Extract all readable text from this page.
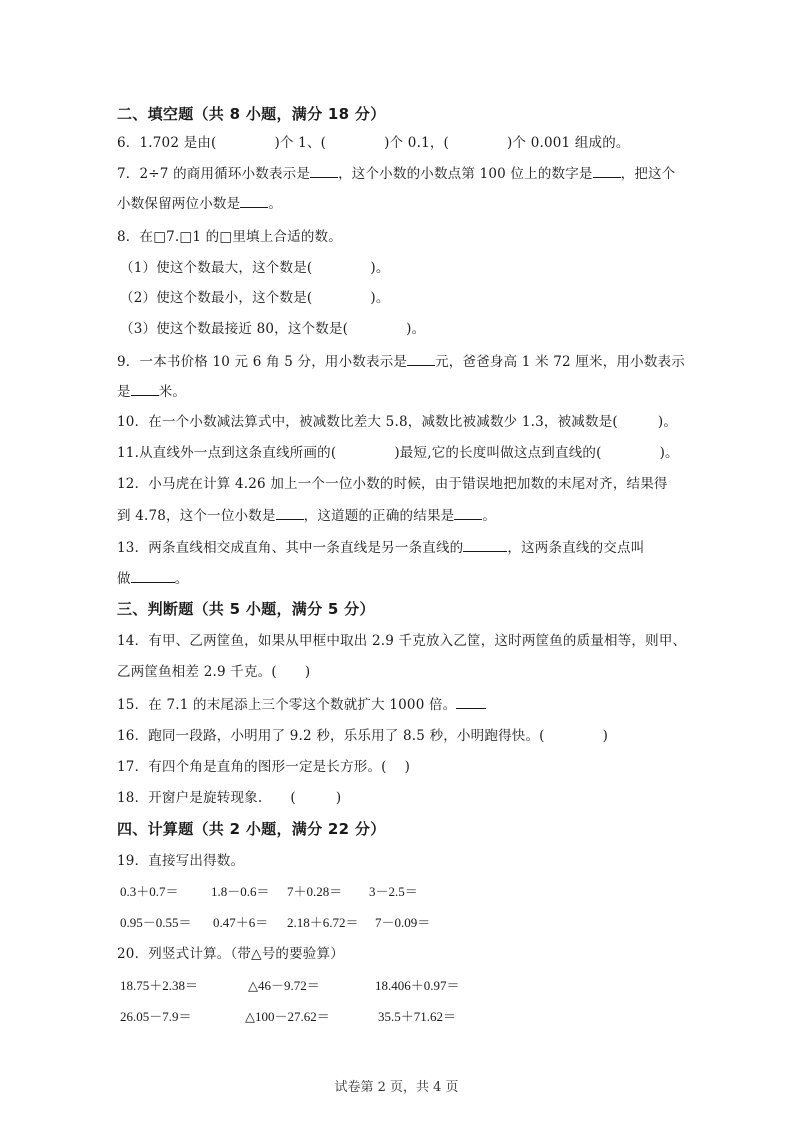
二、填空题（共 8 小题，满分 18 分）
6．1.702 是由(	)个 1、(	)个 0.1，(	)个 0.001 组成的。
7．2÷7 的商用循环小数表示是 ，这个小数的小数点第 100 位上的数字是 ，把这个
小数保留两位小数是 。
8．在□7.□1 的□里填上合适的数。
（1）使这个数最大，这个数是(	)。
（2）使这个数最小，这个数是(	)。
（3）使这个数最接近 80，这个数是(	)。
9．一本书价格 10 元 6 角 5 分，用小数表示是 元，爸爸身高 1 米 72 厘米，用小数表示
是 米。
10．在一个小数减法算式中，被减数比差大 5.8，减数比被减数少 1.3，被减数是(	)。
11.从直线外一点到这条直线所画的(	)最短,它的长度叫做这点到直线的(	)。
12．小马虎在计算 4.26 加上一个一位小数的时候，由于错误地把加数的末尾对齐，结果得
到 4.78，这个一位小数是 ，这道题的正确的结果是 。
13．两条直线相交成直角、其中一条直线是另一条直线的	，这两条直线的交点叫
做	。
三、判断题（共 5 小题，满分 5 分）
14．有甲、乙两筐鱼，如果从甲框中取出 2.9 千克放入乙筐，这时两筐鱼的质量相等，则甲、
乙两筐鱼相差 2.9 千克。( )
15．在 7.1 的末尾添上三个零这个数就扩大 1000 倍。
16．跑同一段路，小明用了 9.2 秒，乐乐用了 8.5 秒，小明跑得快。(	)
17．有四个角是直角的图形一定是长方形。( )
18．开窗户是旋转现象. (	)
四、计算题（共 2 小题，满分 22 分）
19．直接写出得数。
0.3＋0.7＝ 1.8－0.6＝ 7＋0.28＝ 3－2.5＝
0.95－0.55＝ 0.47＋6＝ 2.18＋6.72＝ 7－0.09＝
20．列竖式计算。（带△号的要验算）
18.75＋2.38＝	△46－9.72＝	18.406＋0.97＝
26.05－7.9＝	△100－27.62＝	35.5＋71.62＝
试卷第 2 页，共 4 页
